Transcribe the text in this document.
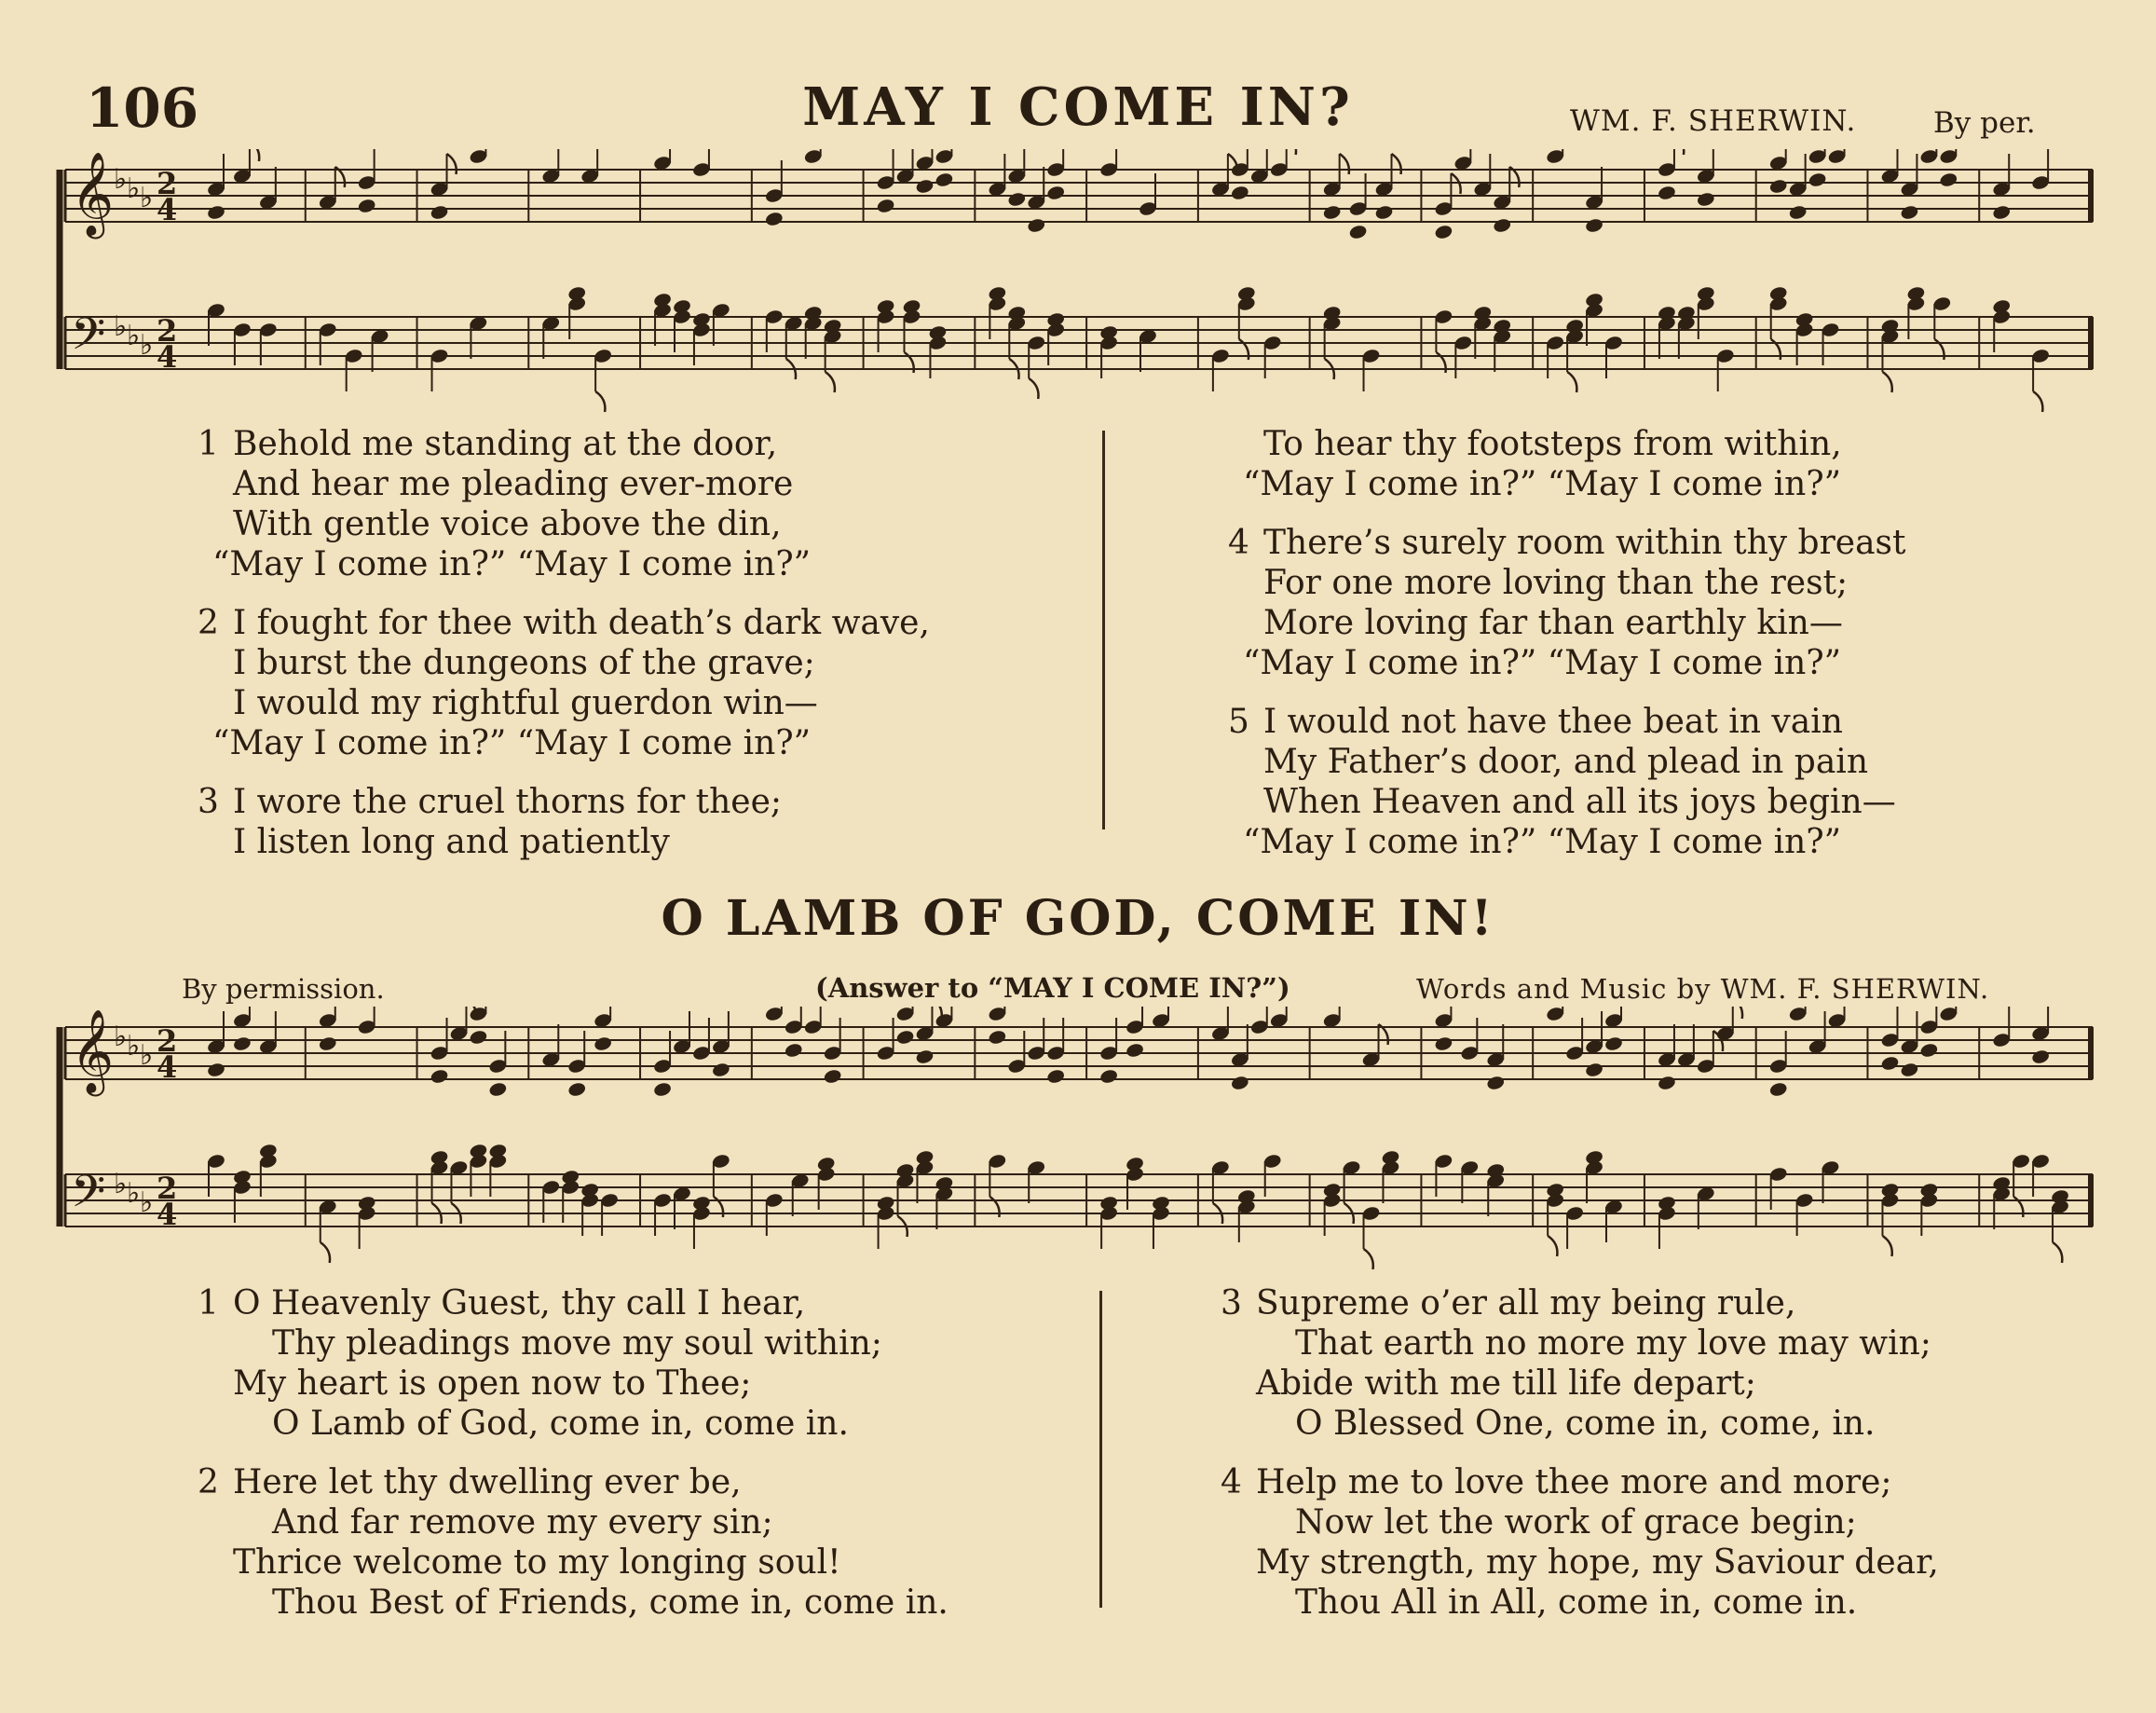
106	MAY I COME IN?	WM. F. SHERWIN.	By per.
𝄞 ♭ ♭ ♭ 2
4
𝄢 ♭ ♭ ♭ 2
4
1 Behold me standing at the door,
And hear me pleading ever-more
With gentle voice above the din,
“May I come in?” “May I come in?”
2 I fought for thee with death’s dark wave,
I burst the dungeons of the grave;
I would my rightful guerdon win—
“May I come in?” “May I come in?”
3 I wore the cruel thorns for thee;
I listen long and patiently
To hear thy footsteps from within,
“May I come in?” “May I come in?”
4 There’s surely room within thy breast
For one more loving than the rest;
More loving far than earthly kin—
“May I come in?” “May I come in?”
5 I would not have thee beat in vain
My Father’s door, and plead in pain
When Heaven and all its joys begin—
“May I come in?” “May I come in?”
O LAMB OF GOD, COME IN!
By permission.	(Answer to “MAY I COME IN?”)	Words and Music by WM. F. SHERWIN.
𝄞 ♭ ♭ ♭ 2
4
𝄢 ♭ ♭ ♭ 2
4
1 O Heavenly Guest, thy call I hear,
Thy pleadings move my soul within;
My heart is open now to Thee;
O Lamb of God, come in, come in.
2 Here let thy dwelling ever be,
And far remove my every sin;
Thrice welcome to my longing soul!
Thou Best of Friends, come in, come in.
3 Supreme o’er all my being rule,
That earth no more my love may win;
Abide with me till life depart;
O Blessed One, come in, come, in.
4 Help me to love thee more and more;
Now let the work of grace begin;
My strength, my hope, my Saviour dear,
Thou All in All, come in, come in.
